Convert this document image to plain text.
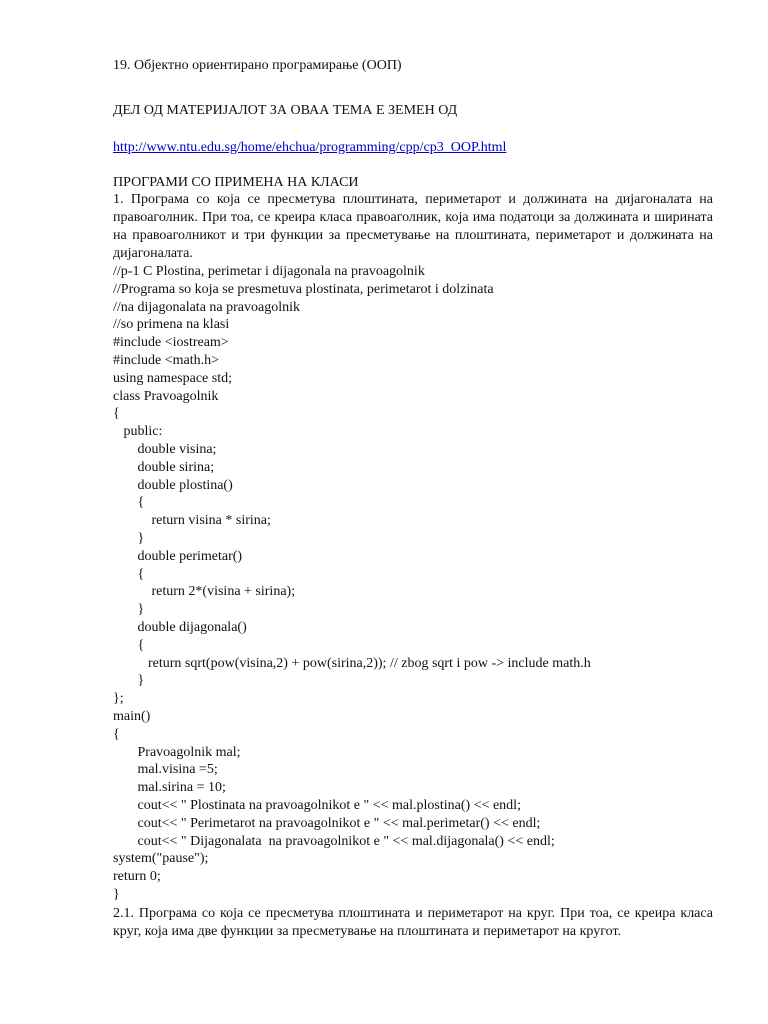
19. Објектно ориентирано програмирање (ООП)
ДЕЛ ОД МАТЕРИЈАЛОТ ЗА ОВАА ТЕМА Е ЗЕМЕН ОД
http://www.ntu.edu.sg/home/ehchua/programming/cpp/cp3_OOP.html
ПРОГРАМИ СО ПРИМЕНА НА КЛАСИ
1. Програма со која се пресметува плоштината, периметарот и должината на дијагоналата на правоаголник. При тоа, се креира класа правоаголник, која има податоци за должината и ширината на правоаголникот и три функции за пресметување на плоштината, периметарот и должината на дијагоналата.
//p-1 C Plostina, perimetar i dijagonala na pravoagolnik
//Programa so koja se presmetuva plostinata, perimetarot i dolzinata
//na dijagonalata na pravoagolnik
//so primena na klasi
#include <iostream>
#include <math.h>
using namespace std;
class Pravoagolnik
{
public:
double visina;
double sirina;
double plostina()
{
return visina * sirina;
}
double perimetar()
{
return 2*(visina + sirina);
}
double dijagonala()
{
return sqrt(pow(visina,2) + pow(sirina,2)); // zbog sqrt i pow -> include math.h
}
};
main()
{
Pravoagolnik mal;
mal.visina =5;
mal.sirina = 10;
cout<< " Plostinata na pravoagolnikot e " << mal.plostina() << endl;
cout<< " Perimetarot na pravoagolnikot e " << mal.perimetar() << endl;
cout<< " Dijagonalata  na pravoagolnikot e " << mal.dijagonala() << endl;
system("pause");
return 0;
}
2.1. Програма со која се пресметува плоштината и периметарот на круг. При тоа, се креира класа круг, која има две функции за пресметување на плоштината и периметарот на кругот.
